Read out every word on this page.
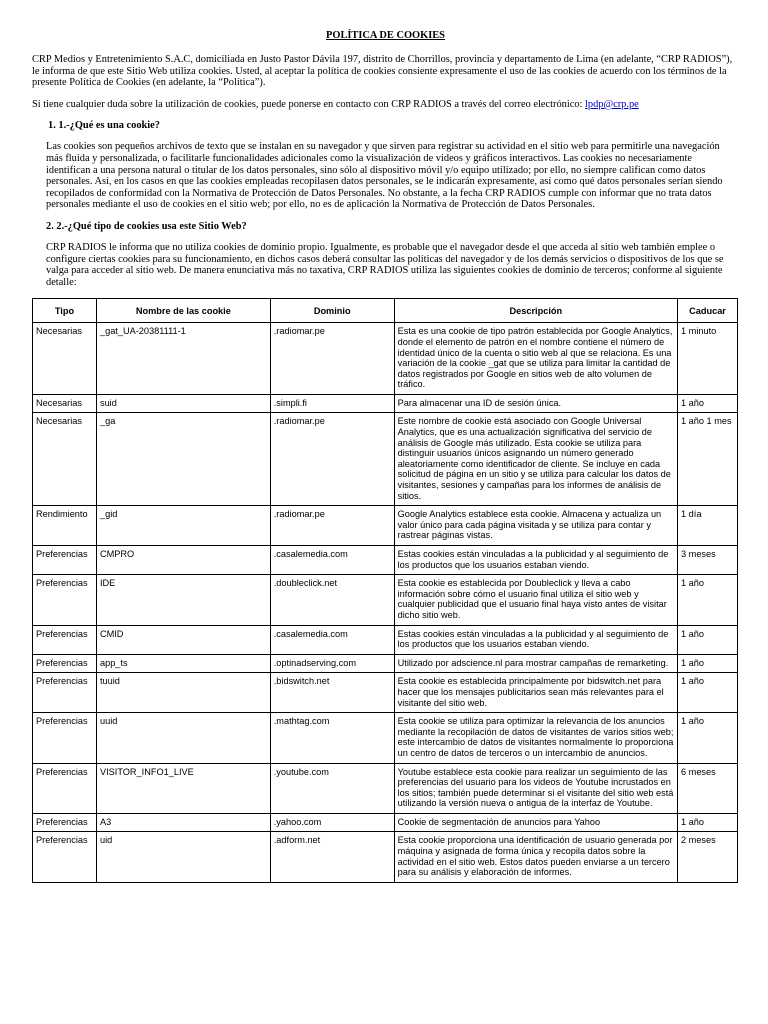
POLÍTICA DE COOKIES

CRP Medios y Entretenimiento S.A.C, domiciliada en Justo Pastor Dávila 197, distrito de Chorrillos, provincia y departamento de Lima (en adelante, “CRP RADIOS”), le informa de que este Sitio Web utiliza cookies. Usted, al aceptar la política de cookies consiente expresamente el uso de las cookies de acuerdo con los términos de la presente Política de Cookies (en adelante, la “Política”).

Si tiene cualquier duda sobre la utilización de cookies, puede ponerse en contacto con CRP RADIOS a través del correo electrónico: lpdp@crp.pe

1. 1.-¿Qué es una cookie?

Las cookies son pequeños archivos de texto que se instalan en su navegador y que sirven para registrar su actividad en el sitio web para permitirle una navegación más fluida y personalizada, o facilitarle funcionalidades adicionales como la visualización de videos y gráficos interactivos. Las cookies no necesariamente identifican a una persona natural o titular de los datos personales, sino sólo al dispositivo móvil y/o equipo utilizado; por ello, no siempre califican como datos personales. Así, en los casos en que las cookies empleadas recopilasen datos personales, se le indicarán expresamente, así como qué datos personales serían siendo recopilados de conformidad con la Normativa de Protección de Datos Personales. No obstante, a la fecha CRP RADIOS cumple con informar que no trata datos personales mediante el uso de cookies en el sitio web; por ello, no es de aplicación la Normativa de Protección de Datos Personales.

2. 2.-¿Qué tipo de cookies usa este Sitio Web?

CRP RADIOS le informa que no utiliza cookies de dominio propio. Igualmente, es probable que el navegador desde el que acceda al sitio web también emplee o configure ciertas cookies para su funcionamiento, en dichos casos deberá consultar las políticas del navegador y de los demás servicios o dispositivos de los que se valga para acceder al sitio web. De manera enunciativa más no taxativa, CRP RADIOS utiliza las siguientes cookies de dominio de terceros; conforme al siguiente detalle:

Tipo	Nombre de las cookie	Dominio	Descripción	Caducar
Necesarias	_gat_UA-20381111-1	.radiomar.pe	Esta es una cookie de tipo patrón establecida por Google Analytics, donde el elemento de patrón en el nombre contiene el número de identidad único de la cuenta o sitio web al que se relaciona. Es una variación de la cookie _gat que se utiliza para limitar la cantidad de datos registrados por Google en sitios web de alto volumen de tráfico.	1 minuto
Necesarias	suid	.simpli.fi	Para almacenar una ID de sesión única.	1 año
Necesarias	_ga	.radiomar.pe	Este nombre de cookie está asociado con Google Universal Analytics, que es una actualización significativa del servicio de análisis de Google más utilizado. Esta cookie se utiliza para distinguir usuarios únicos asignando un número generado aleatoriamente como identificador de cliente. Se incluye en cada solicitud de página en un sitio y se utiliza para calcular los datos de visitantes, sesiones y campañas para los informes de análisis de sitios.	1 año 1 mes
Rendimiento	_gid	.radiomar.pe	Google Analytics establece esta cookie. Almacena y actualiza un valor único para cada página visitada y se utiliza para contar y rastrear páginas vistas.	1 día
Preferencias	CMPRO	.casalemedia.com	Estas cookies están vinculadas a la publicidad y al seguimiento de los productos que los usuarios estaban viendo.	3 meses
Preferencias	IDE	.doubleclick.net	Esta cookie es establecida por Doubleclick y lleva a cabo información sobre cómo el usuario final utiliza el sitio web y cualquier publicidad que el usuario final haya visto antes de visitar dicho sitio web.	1 año
Preferencias	CMID	.casalemedia.com	Estas cookies están vinculadas a la publicidad y al seguimiento de los productos que los usuarios estaban viendo.	1 año
Preferencias	app_ts	.optinadserving.com	Utilizado por adscience.nl para mostrar campañas de remarketing.	1 año
Preferencias	tuuid	.bidswitch.net	Esta cookie es establecida principalmente por bidswitch.net para hacer que los mensajes publicitarios sean más relevantes para el visitante del sitio web.	1 año
Preferencias	uuid	.mathtag.com	Esta cookie se utiliza para optimizar la relevancia de los anuncios mediante la recopilación de datos de visitantes de varios sitios web; este intercambio de datos de visitantes normalmente lo proporciona un centro de datos de terceros o un intercambio de anuncios.	1 año
Preferencias	VISITOR_INFO1_LIVE	.youtube.com	Youtube establece esta cookie para realizar un seguimiento de las preferencias del usuario para los videos de Youtube incrustados en los sitios; también puede determinar si el visitante del sitio web está utilizando la versión nueva o antigua de la interfaz de Youtube.	6 meses
Preferencias	A3	.yahoo.com	Cookie de segmentación de anuncios para Yahoo	1 año
Preferencias	uid	.adform.net	Esta cookie proporciona una identificación de usuario generada por máquina y asignada de forma única y recopila datos sobre la actividad en el sitio web. Estos datos pueden enviarse a un tercero para su análisis y elaboración de informes.	2 meses
